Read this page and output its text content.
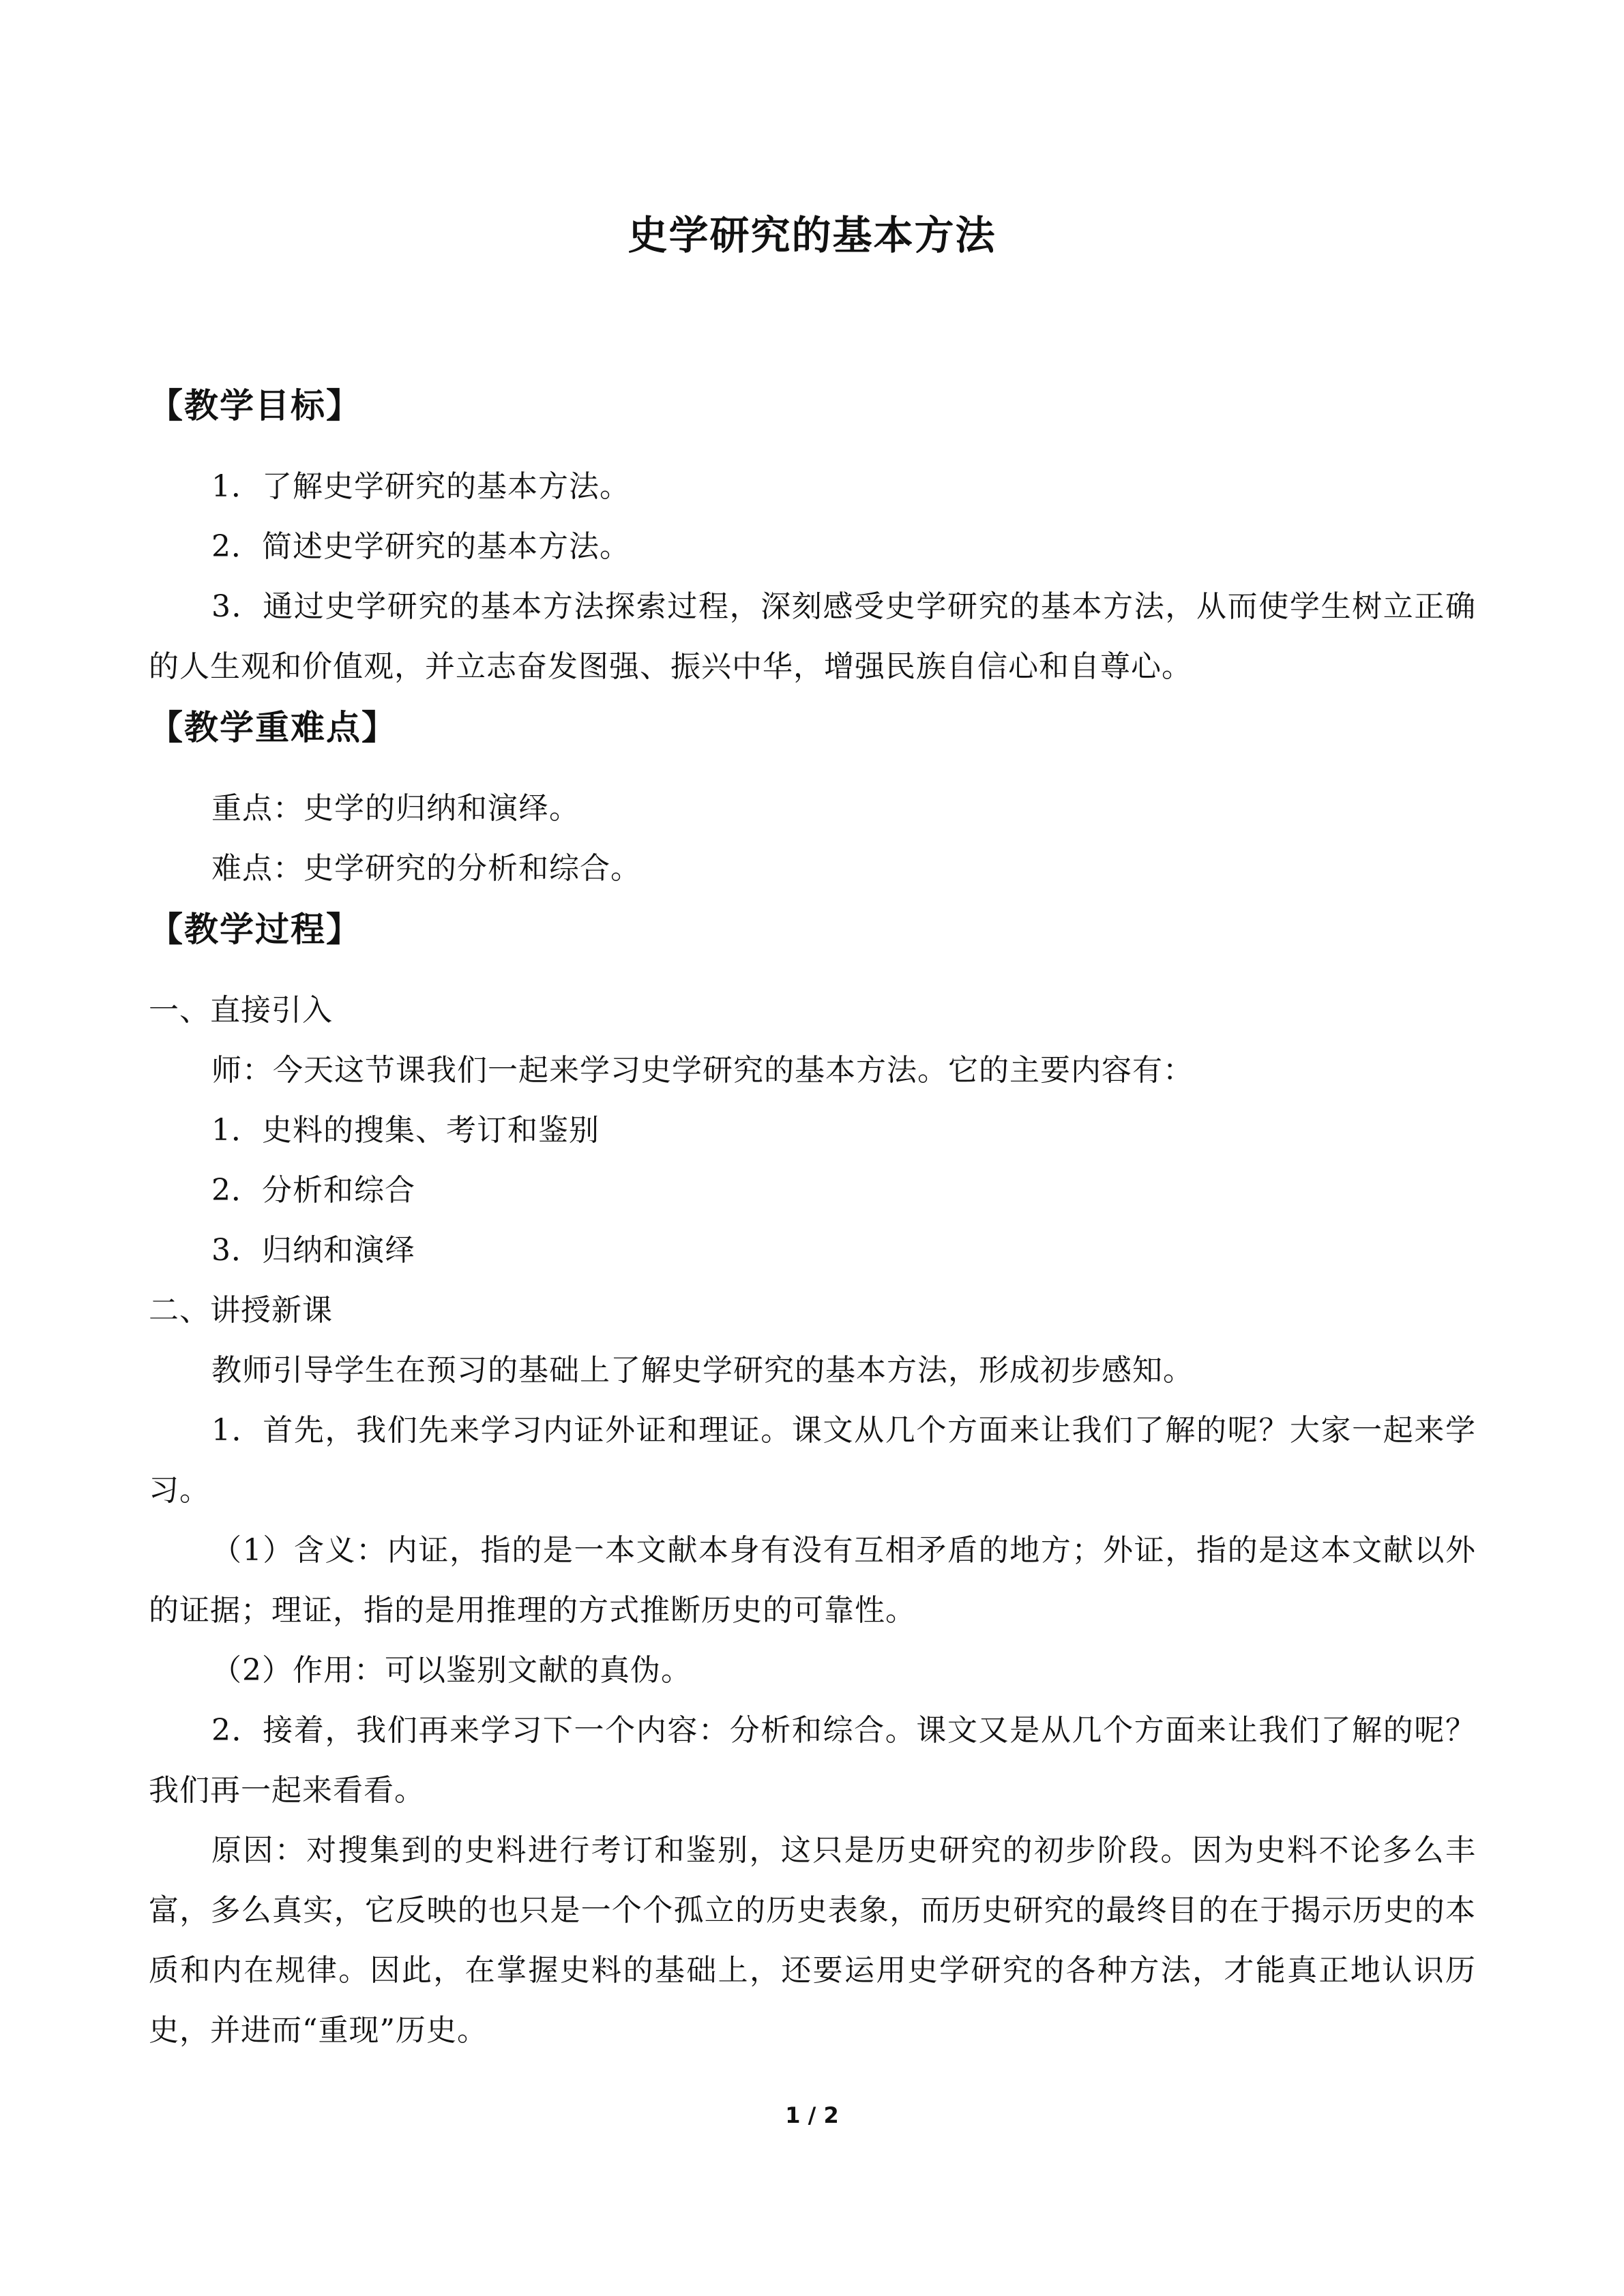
史学研究的基本方法
【教学目标】

1．了解史学研究的基本方法。

2．简述史学研究的基本方法。

3．通过史学研究的基本方法探索过程，深刻感受史学研究的基本方法，从而使学生树立正确的人生观和价值观，并立志奋发图强、振兴中华，增强民族自信心和自尊心。

【教学重难点】

重点：史学的归纳和演绎。

难点：史学研究的分析和综合。

【教学过程】

一、直接引入

师：今天这节课我们一起来学习史学研究的基本方法。它的主要内容有：

1．史料的搜集、考订和鉴别

2．分析和综合

3．归纳和演绎

二、讲授新课

教师引导学生在预习的基础上了解史学研究的基本方法，形成初步感知。

1．首先，我们先来学习内证外证和理证。课文从几个方面来让我们了解的呢？大家一起来学习。

（1）含义：内证，指的是一本文献本身有没有互相矛盾的地方；外证，指的是这本文献以外的证据；理证，指的是用推理的方式推断历史的可靠性。

（2）作用：可以鉴别文献的真伪。

2．接着，我们再来学习下一个内容：分析和综合。课文又是从几个方面来让我们了解的呢？我们再一起来看看。

原因：对搜集到的史料进行考订和鉴别，这只是历史研究的初步阶段。因为史料不论多么丰富，多么真实，它反映的也只是一个个孤立的历史表象，而历史研究的最终目的在于揭示历史的本质和内在规律。因此，在掌握史料的基础上，还要运用史学研究的各种方法，才能真正地认识历史，并进而“重现”历史。

1 / 2
